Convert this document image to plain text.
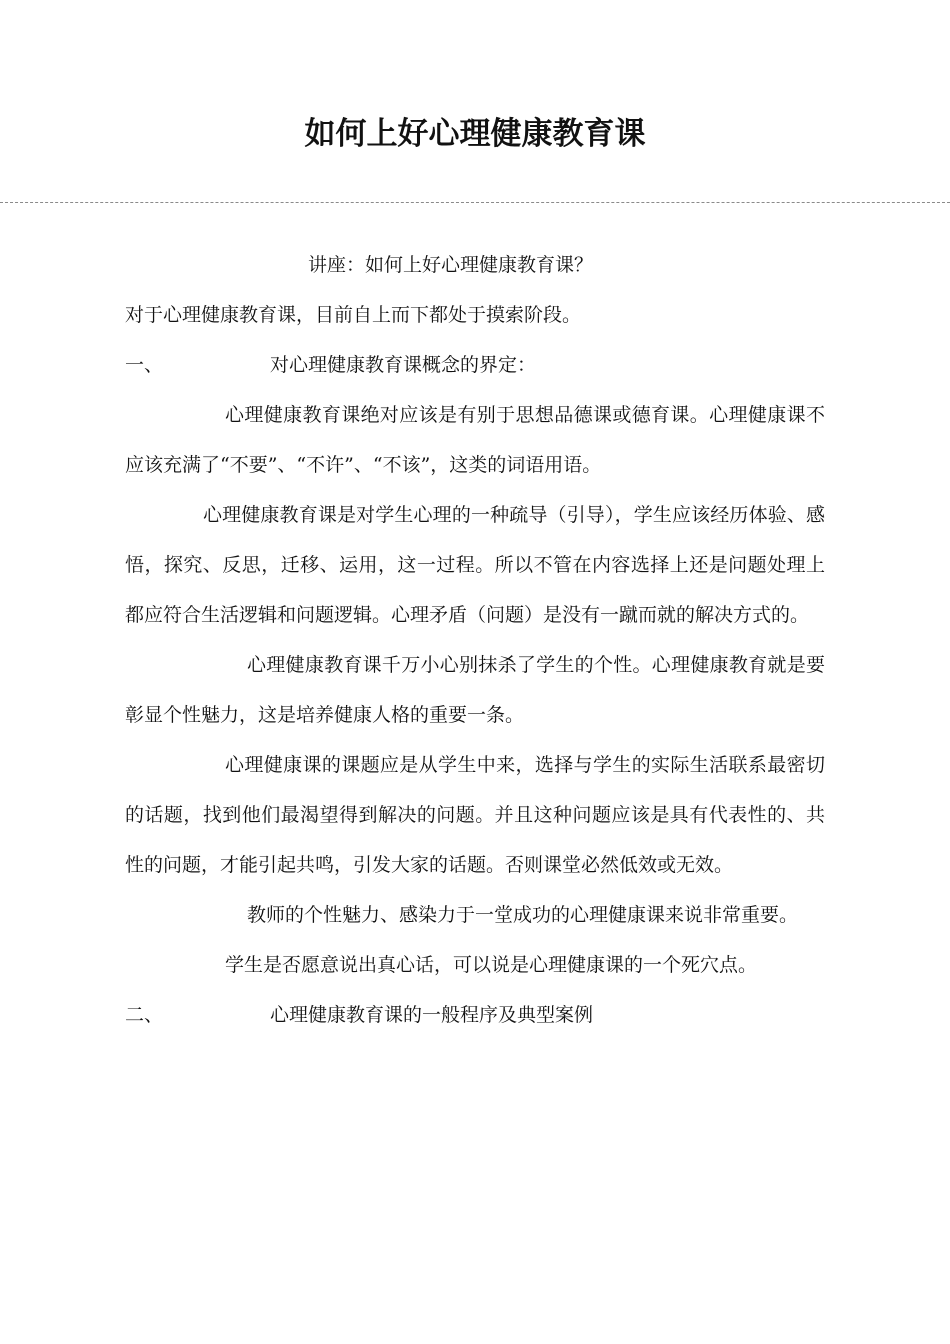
如何上好心理健康教育课

讲座：如何上好心理健康教育课？

对于心理健康教育课，目前自上而下都处于摸索阶段。

一、	对心理健康教育课概念的界定：

心理健康教育课绝对应该是有别于思想品德课或德育课。心理健康课不应该充满了“不要”、“不许”、“不该”，这类的词语用语。

心理健康教育课是对学生心理的一种疏导（引导），学生应该经历体验、感悟，探究、反思，迁移、运用，这一过程。所以不管在内容选择上还是问题处理上都应符合生活逻辑和问题逻辑。心理矛盾（问题）是没有一蹴而就的解决方式的。

心理健康教育课千万小心别抹杀了学生的个性。心理健康教育就是要彰显个性魅力，这是培养健康人格的重要一条。

心理健康课的课题应是从学生中来，选择与学生的实际生活联系最密切的话题，找到他们最渴望得到解决的问题。并且这种问题应该是具有代表性的、共性的问题，才能引起共鸣，引发大家的话题。否则课堂必然低效或无效。

教师的个性魅力、感染力于一堂成功的心理健康课来说非常重要。

学生是否愿意说出真心话，可以说是心理健康课的一个死穴点。

二、	心理健康教育课的一般程序及典型案例
